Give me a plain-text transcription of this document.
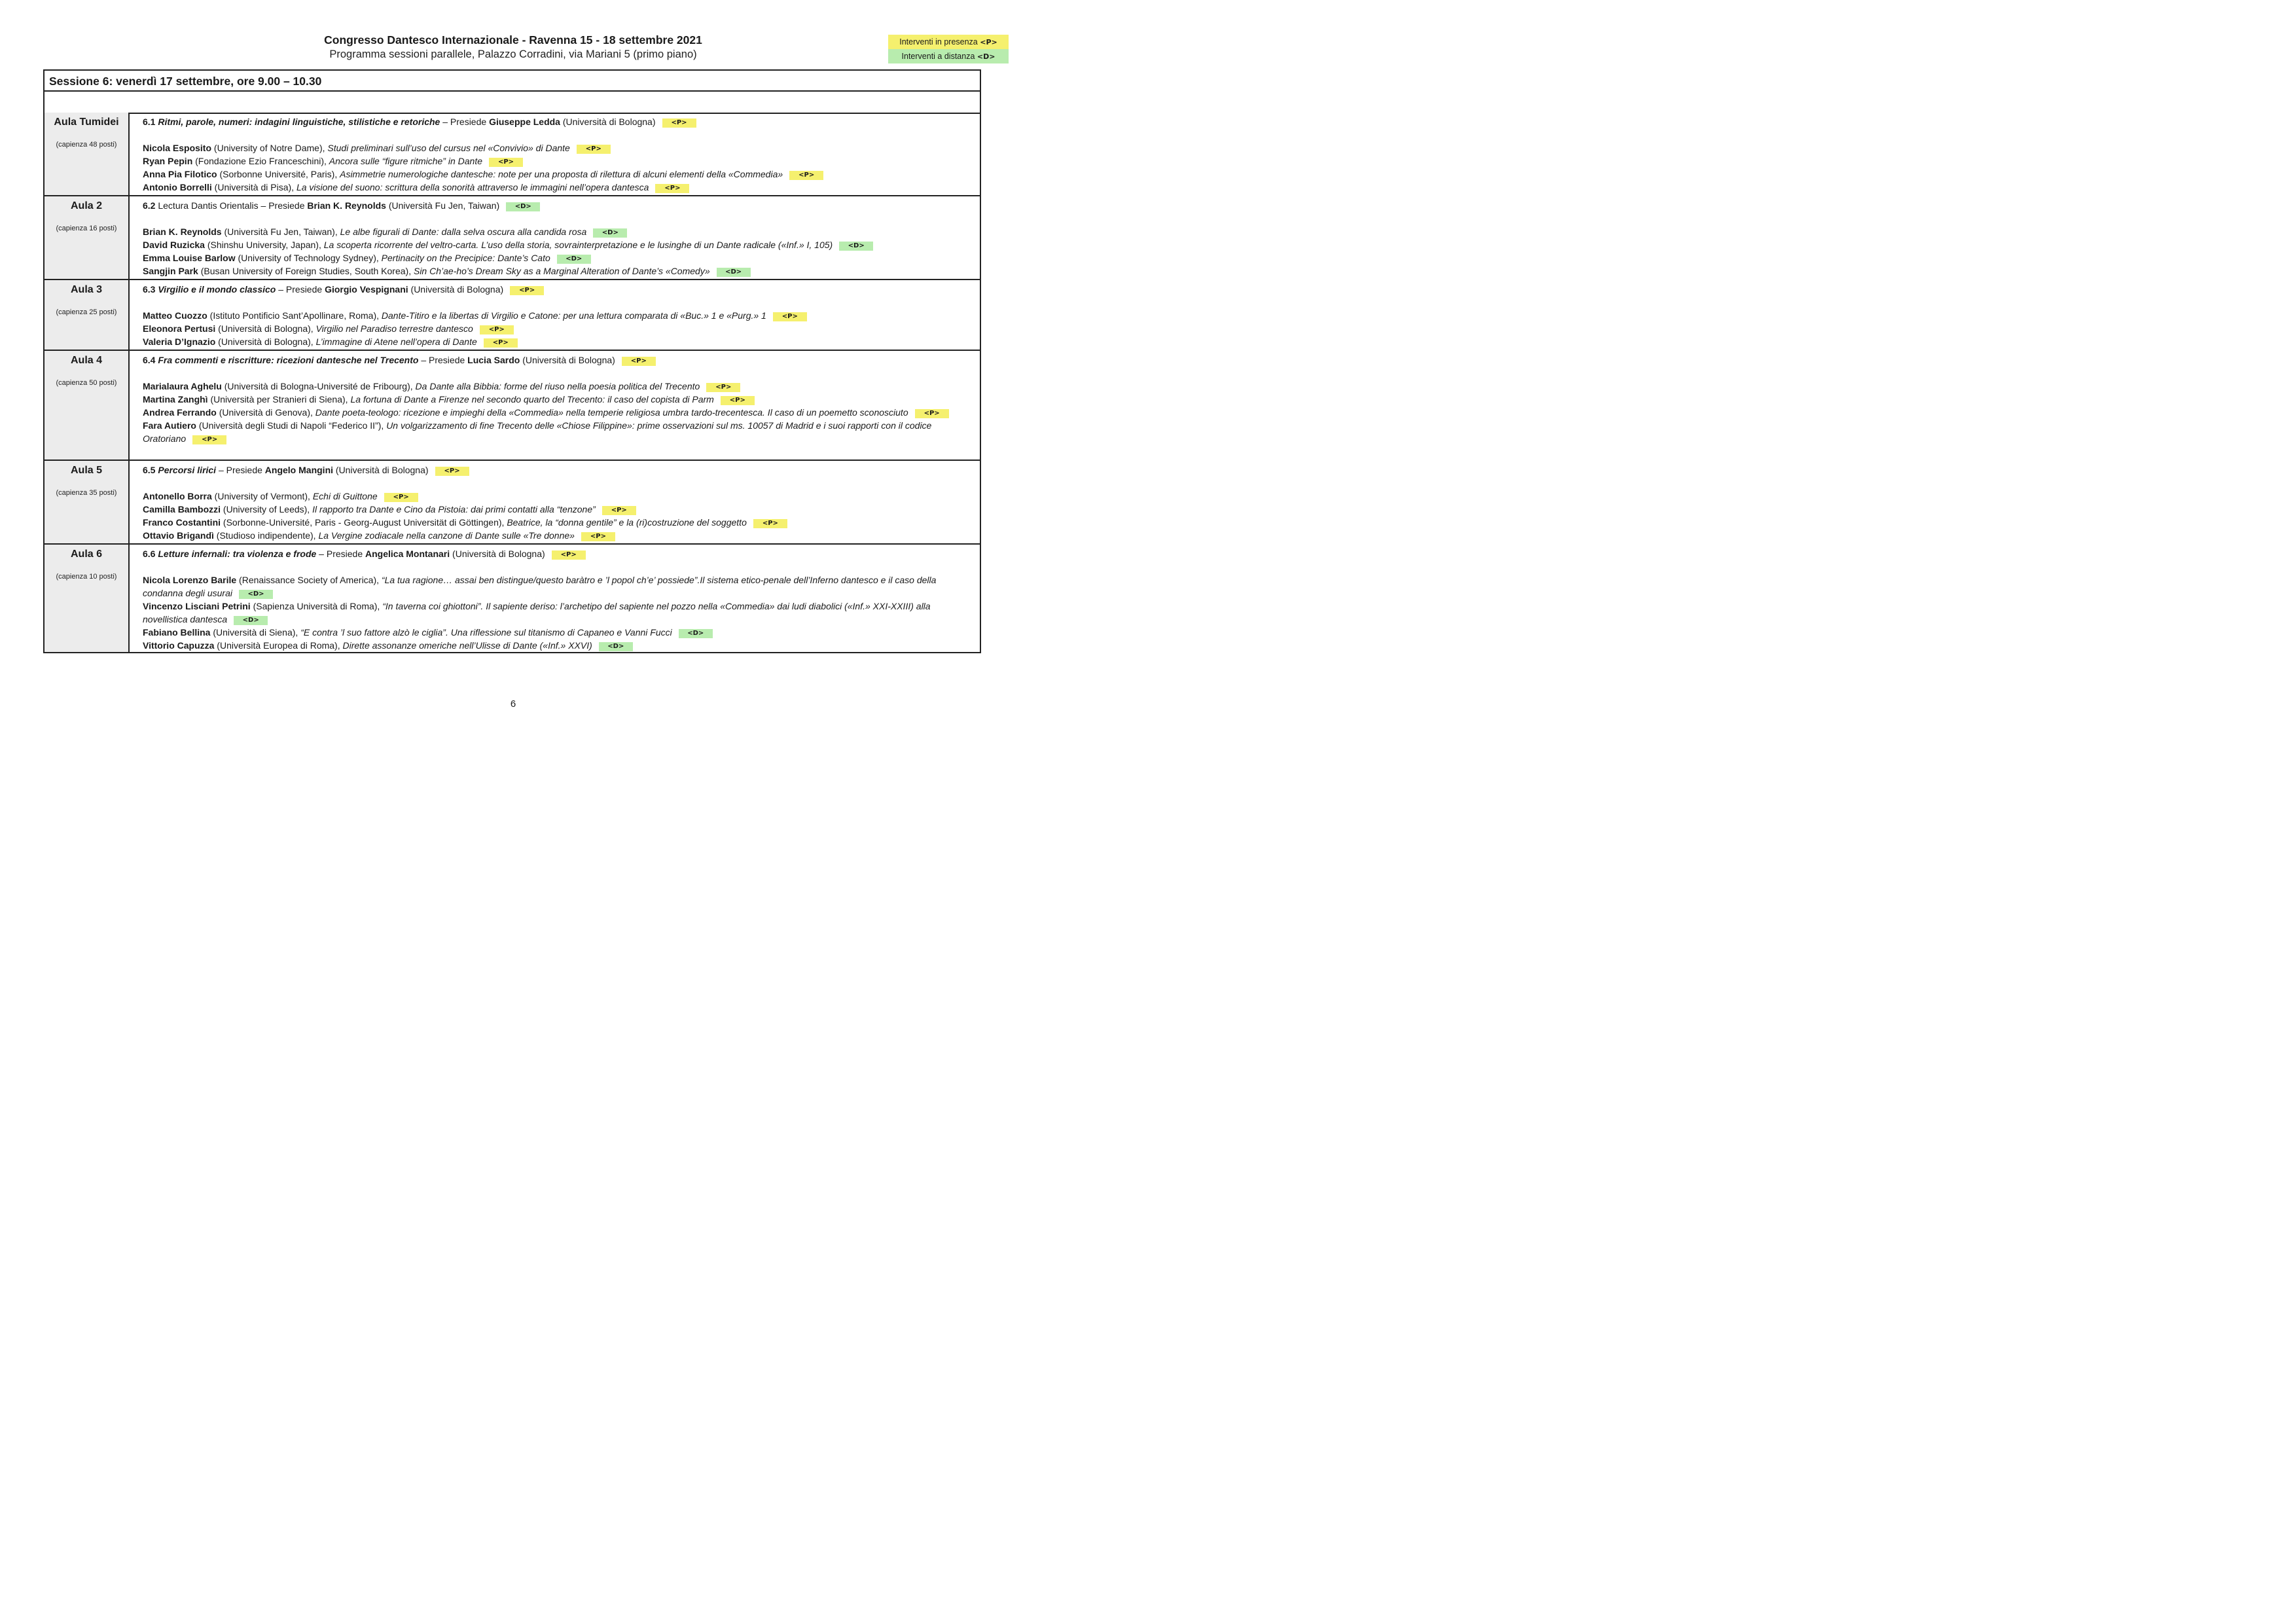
Congresso Dantesco Internazionale - Ravenna 15 - 18 settembre 2021
Programma sessioni parallele, Palazzo Corradini, via Mariani 5 (primo piano)
Interventi in presenza <P>
Interventi a distanza <D>
Sessione 6: venerdì 17 settembre, ore 9.00 – 10.30
Aula Tumidei
(capienza 48 posti)
6.1 Ritmi, parole, numeri: indagini linguistiche, stilistiche e retoriche – Presiede Giuseppe Ledda (Università di Bologna) <P>
Nicola Esposito (University of Notre Dame), Studi preliminari sull’uso del cursus nel «Convivio» di Dante <P>
Ryan Pepin (Fondazione Ezio Franceschini), Ancora sulle “figure ritmiche” in Dante <P>
Anna Pia Filotico (Sorbonne Université, Paris), Asimmetrie numerologiche dantesche: note per una proposta di rilettura di alcuni elementi della «Commedia» <P>
Antonio Borrelli (Università di Pisa), La visione del suono: scrittura della sonorità attraverso le immagini nell’opera dantesca <P>
Aula 2
(capienza 16 posti)
6.2 Lectura Dantis Orientalis – Presiede Brian K. Reynolds (Università Fu Jen, Taiwan) <D>
Brian K. Reynolds (Università Fu Jen, Taiwan), Le albe figurali di Dante: dalla selva oscura alla candida rosa <D>
David Ruzicka (Shinshu University, Japan), La scoperta ricorrente del veltro-carta. L’uso della storia, sovrainterpretazione e le lusinghe di un Dante radicale («Inf.» I, 105) <D>
Emma Louise Barlow (University of Technology Sydney), Pertinacity on the Precipice: Dante’s Cato <D>
Sangjin Park (Busan University of Foreign Studies, South Korea), Sin Ch’ae-ho’s Dream Sky as a Marginal Alteration of Dante’s «Comedy» <D>
Aula 3
(capienza 25 posti)
6.3 Virgilio e il mondo classico – Presiede Giorgio Vespignani (Università di Bologna) <P>
Matteo Cuozzo (Istituto Pontificio Sant’Apollinare, Roma), Dante-Titiro e la libertas di Virgilio e Catone: per una lettura comparata di «Buc.» 1 e «Purg.» 1 <P>
Eleonora Pertusi (Università di Bologna), Virgilio nel Paradiso terrestre dantesco <P>
Valeria D’Ignazio (Università di Bologna), L’immagine di Atene nell’opera di Dante <P>
Aula 4
(capienza 50 posti)
6.4 Fra commenti e riscritture: ricezioni dantesche nel Trecento – Presiede Lucia Sardo (Università di Bologna) <P>
Marialaura Aghelu (Università di Bologna-Université de Fribourg), Da Dante alla Bibbia: forme del riuso nella poesia politica del Trecento <P>
Martina Zanghì (Università per Stranieri di Siena), La fortuna di Dante a Firenze nel secondo quarto del Trecento: il caso del copista di Parm <P>
Andrea Ferrando (Università di Genova), Dante poeta-teologo: ricezione e impieghi della «Commedia» nella temperie religiosa umbra tardo-trecentesca. Il caso di un poemetto sconosciuto <P>
Fara Autiero (Università degli Studi di Napoli “Federico II”), Un volgarizzamento di fine Trecento delle «Chiose Filippine»: prime osservazioni sul ms. 10057 di Madrid e i suoi rapporti con il codice Oratoriano <P>
Aula 5
(capienza 35 posti)
6.5 Percorsi lirici – Presiede Angelo Mangini (Università di Bologna) <P>
Antonello Borra (University of Vermont), Echi di Guittone <P>
Camilla Bambozzi (University of Leeds), Il rapporto tra Dante e Cino da Pistoia: dai primi contatti alla “tenzone” <P>
Franco Costantini (Sorbonne-Université, Paris - Georg-August Universität di Göttingen), Beatrice, la “donna gentile” e la (ri)costruzione del soggetto <P>
Ottavio Brigandì (Studioso indipendente), La Vergine zodiacale nella canzone di Dante sulle «Tre donne» <P>
Aula 6
(capienza 10 posti)
6.6 Letture infernali: tra violenza e frode – Presiede Angelica Montanari (Università di Bologna) <P>
Nicola Lorenzo Barile (Renaissance Society of America), “La tua ragione… assai ben distingue/questo baràtro e ’l popol ch’e’ possiede”.Il sistema etico-penale dell’Inferno dantesco e il caso della condanna degli usurai <D>
Vincenzo Lisciani Petrini (Sapienza Università di Roma), “In taverna coi ghiottoni”. Il sapiente deriso: l’archetipo del sapiente nel pozzo nella «Commedia» dai ludi diabolici («Inf.» XXI-XXIII) alla novellistica dantesca <D>
Fabiano Bellina (Università di Siena), “E contra ’l suo fattore alzò le ciglia”. Una riflessione sul titanismo di Capaneo e Vanni Fucci <D>
Vittorio Capuzza (Università Europea di Roma), Dirette assonanze omeriche nell’Ulisse di Dante («Inf.» XXVI) <D>
6
